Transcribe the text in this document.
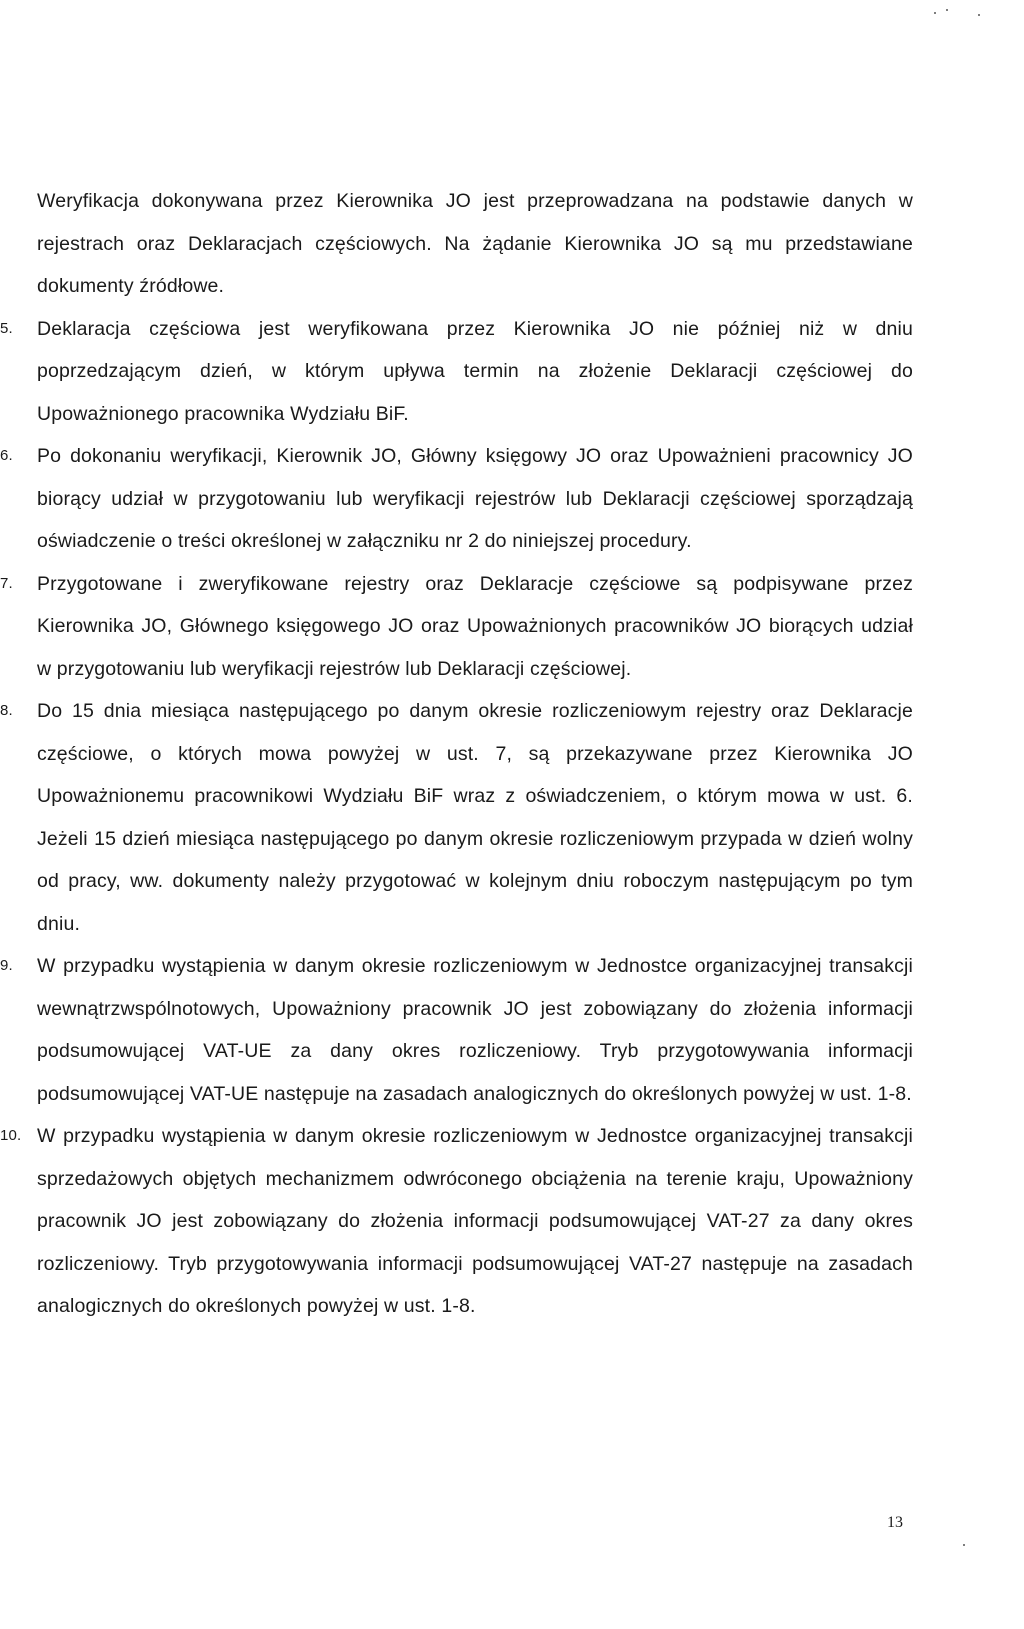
Weryfikacja dokonywana przez Kierownika JO jest przeprowadzana na podstawie danych w rejestrach oraz Deklaracjach częściowych. Na żądanie Kierownika JO są mu przedstawiane dokumenty źródłowe.

5.	Deklaracja częściowa jest weryfikowana przez Kierownika JO nie później niż w dniu poprzedzającym dzień, w którym upływa termin na złożenie Deklaracji częściowej do Upoważnionego pracownika Wydziału BiF.
6.	Po dokonaniu weryfikacji, Kierownik JO, Główny księgowy JO oraz Upoważnieni pracownicy JO biorący udział w przygotowaniu lub weryfikacji rejestrów lub Deklaracji częściowej sporządzają oświadczenie o treści określonej w załączniku nr 2 do niniejszej procedury.
7.	Przygotowane i zweryfikowane rejestry oraz Deklaracje częściowe są podpisywane przez Kierownika JO, Głównego księgowego JO oraz Upoważnionych pracowników JO biorących udział w przygotowaniu lub weryfikacji rejestrów lub Deklaracji częściowej.
8.	Do 15 dnia miesiąca następującego po danym okresie rozliczeniowym rejestry oraz Deklaracje częściowe, o których mowa powyżej w ust. 7, są przekazywane przez Kierownika JO Upoważnionemu pracownikowi Wydziału BiF wraz z oświadczeniem, o którym mowa w ust. 6. Jeżeli 15 dzień miesiąca następującego po danym okresie rozliczeniowym przypada w dzień wolny od pracy, ww. dokumenty należy przygotować w kolejnym dniu roboczym następującym po tym dniu.
9.	W przypadku wystąpienia w danym okresie rozliczeniowym w Jednostce organizacyjnej transakcji wewnątrzwspólnotowych, Upoważniony pracownik JO jest zobowiązany do złożenia informacji podsumowującej VAT-UE za dany okres rozliczeniowy. Tryb przygotowywania informacji podsumowującej VAT-UE następuje na zasadach analogicznych do określonych powyżej w ust. 1-8.
10. W przypadku wystąpienia w danym okresie rozliczeniowym w Jednostce organizacyjnej transakcji sprzedażowych objętych mechanizmem odwróconego obciążenia na terenie kraju, Upoważniony pracownik JO jest zobowiązany do złożenia informacji podsumowującej VAT-27 za dany okres rozliczeniowy. Tryb przygotowywania informacji podsumowującej VAT-27 następuje na zasadach analogicznych do określonych powyżej w ust. 1-8.
13
